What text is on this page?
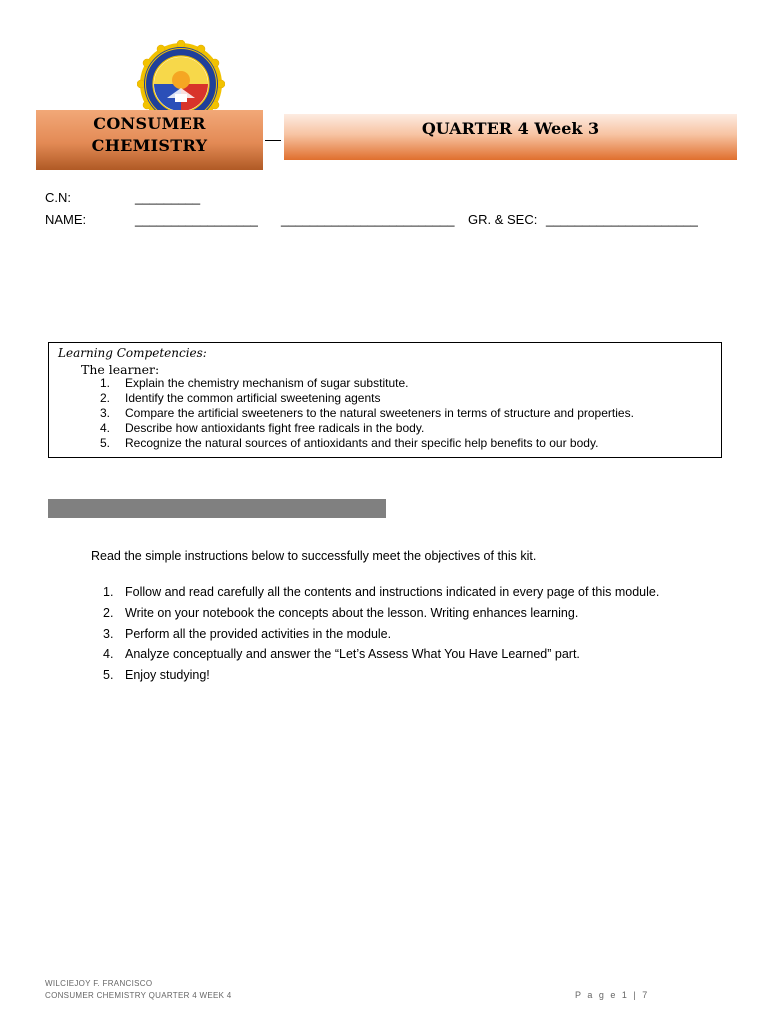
CONSUMER CHEMISTRY
QUARTER 4 Week 3
C.N:	_________
NAME:	_________________ ________________________ GR. & SEC: _____________________
Learning Competencies:
The learner:
1. Explain the chemistry mechanism of sugar substitute.
2. Identify the common artificial sweetening agents
3. Compare the artificial sweeteners to the natural sweeteners in terms of structure and properties.
4. Describe how antioxidants fight free radicals in the body.
5. Recognize the natural sources of antioxidants and their specific help benefits to our body.
Read the simple instructions below to successfully meet the objectives of this kit.
1. Follow and read carefully all the contents and instructions indicated in every page of this module.
2. Write on your notebook the concepts about the lesson. Writing enhances learning.
3. Perform all the provided activities in the module.
4. Analyze conceptually and answer the “Let’s Assess What You Have Learned” part.
5. Enjoy studying!
WILCIEJOY F. FRANCISCO
CONSUMER CHEMISTRY QUARTER 4 WEEK 4	P a g e 1 | 7
